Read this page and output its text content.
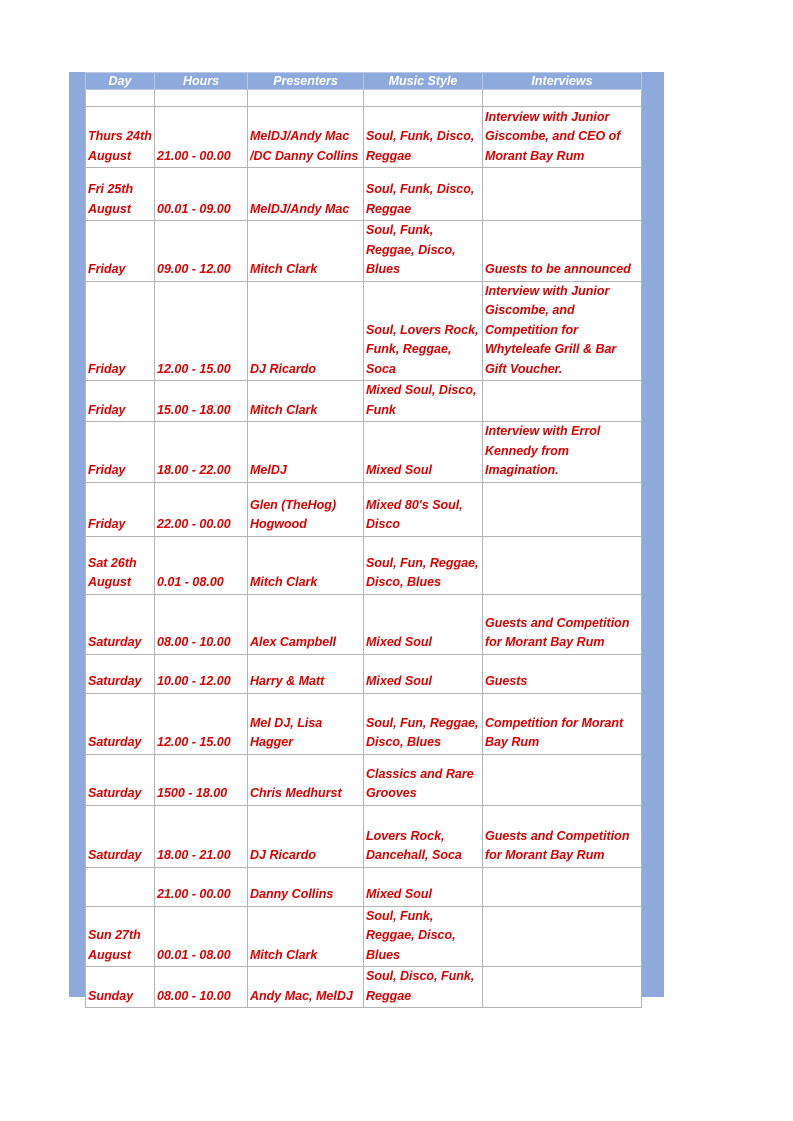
Day	Hours	Presenters	Music Style	Interviews

Thurs 24th August	21.00 - 00.00	MelDJ/Andy Mac /DC Danny Collins	Soul, Funk, Disco, Reggae	Interview with Junior Giscombe, and CEO of Morant Bay Rum
Fri 25th August	00.01 - 09.00	MelDJ/Andy Mac	Soul, Funk, Disco, Reggae	
Friday	09.00 - 12.00	Mitch Clark	Soul, Funk, Reggae, Disco, Blues	Guests to be announced
Friday	12.00 - 15.00	DJ Ricardo	Soul, Lovers Rock, Funk, Reggae, Soca	Interview with Junior Giscombe, and Competition for Whyteleafe Grill & Bar Gift Voucher.
Friday	15.00 - 18.00	Mitch Clark	Mixed Soul, Disco, Funk	
Friday	18.00 - 22.00	MelDJ	Mixed Soul	Interview with Errol Kennedy from Imagination.
Friday	22.00 - 00.00	Glen (TheHog) Hogwood	Mixed 80's Soul, Disco	
Sat 26th August	0.01 - 08.00	Mitch Clark	Soul, Fun, Reggae, Disco, Blues	
Saturday	08.00 - 10.00	Alex Campbell	Mixed Soul	Guests and Competition for Morant Bay Rum
Saturday	10.00 - 12.00	Harry & Matt	Mixed Soul	Guests
Saturday	12.00 - 15.00	Mel DJ, Lisa Hagger	Soul, Fun, Reggae, Disco, Blues	Competition for Morant Bay Rum
Saturday	1500 - 18.00	Chris Medhurst	Classics and Rare Grooves	
Saturday	18.00 - 21.00	DJ Ricardo	Lovers Rock, Dancehall, Soca	Guests and Competition for Morant Bay Rum
	21.00 - 00.00	Danny Collins	Mixed Soul	
Sun 27th August	00.01 - 08.00	Mitch Clark	Soul, Funk, Reggae, Disco, Blues	
Sunday	08.00 - 10.00	Andy Mac, MelDJ	Soul, Disco, Funk, Reggae	
